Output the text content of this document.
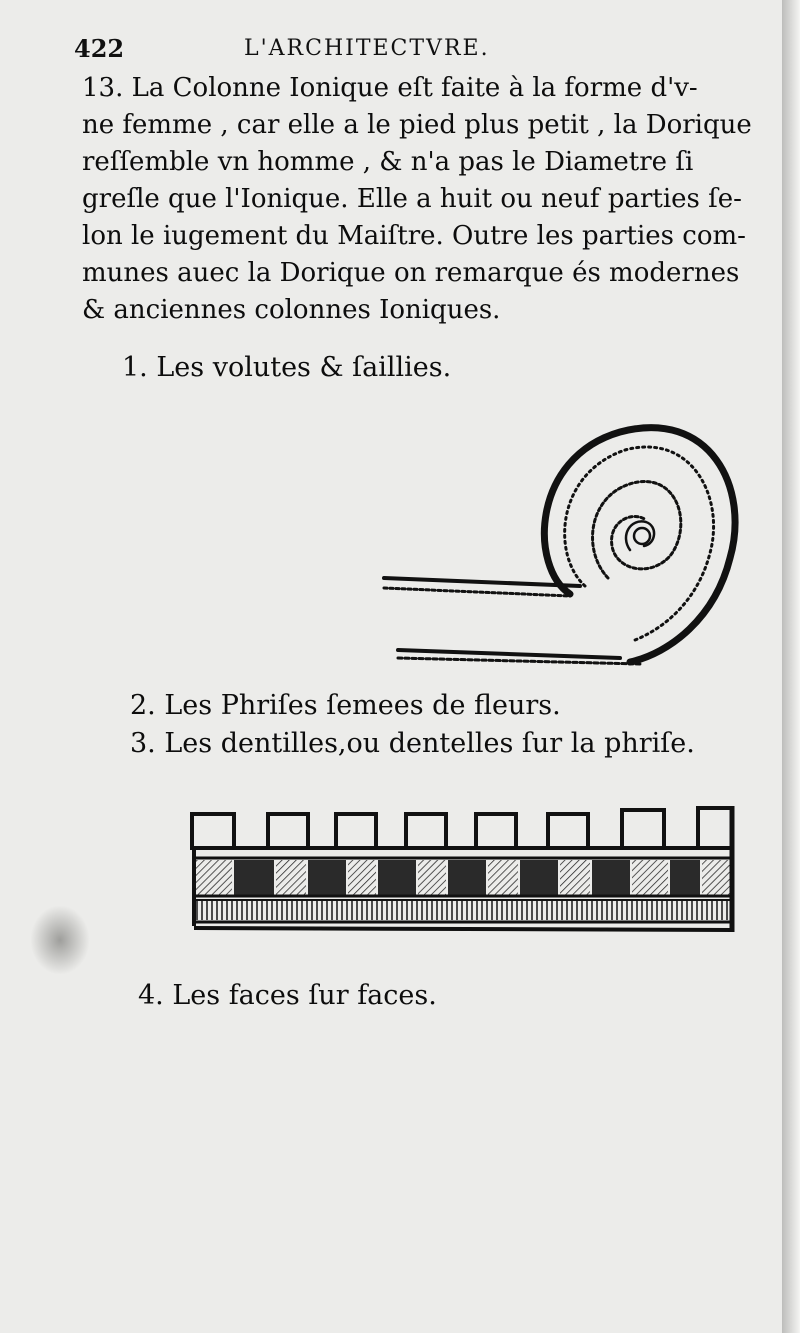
422	L'ARCHITECTVRE.
13. La Colonne Ionique eſt faite à la forme d'v-
ne femme , car elle a le pied plus petit , la Dorique
reſſemble vn homme , & n'a pas le Diametre ſi
greſle que l'Ionique. Elle a huit ou neuf parties ſe-
lon le iugement du Maiſtre. Outre les parties com-
munes auec la Dorique on remarque és modernes
& anciennes colonnes Ioniques.
1. Les volutes & ſaillies.
2. Les Phriſes ſemees de fleurs.
3. Les dentilles,ou dentelles ſur la phriſe.
4. Les faces ſur faces.
